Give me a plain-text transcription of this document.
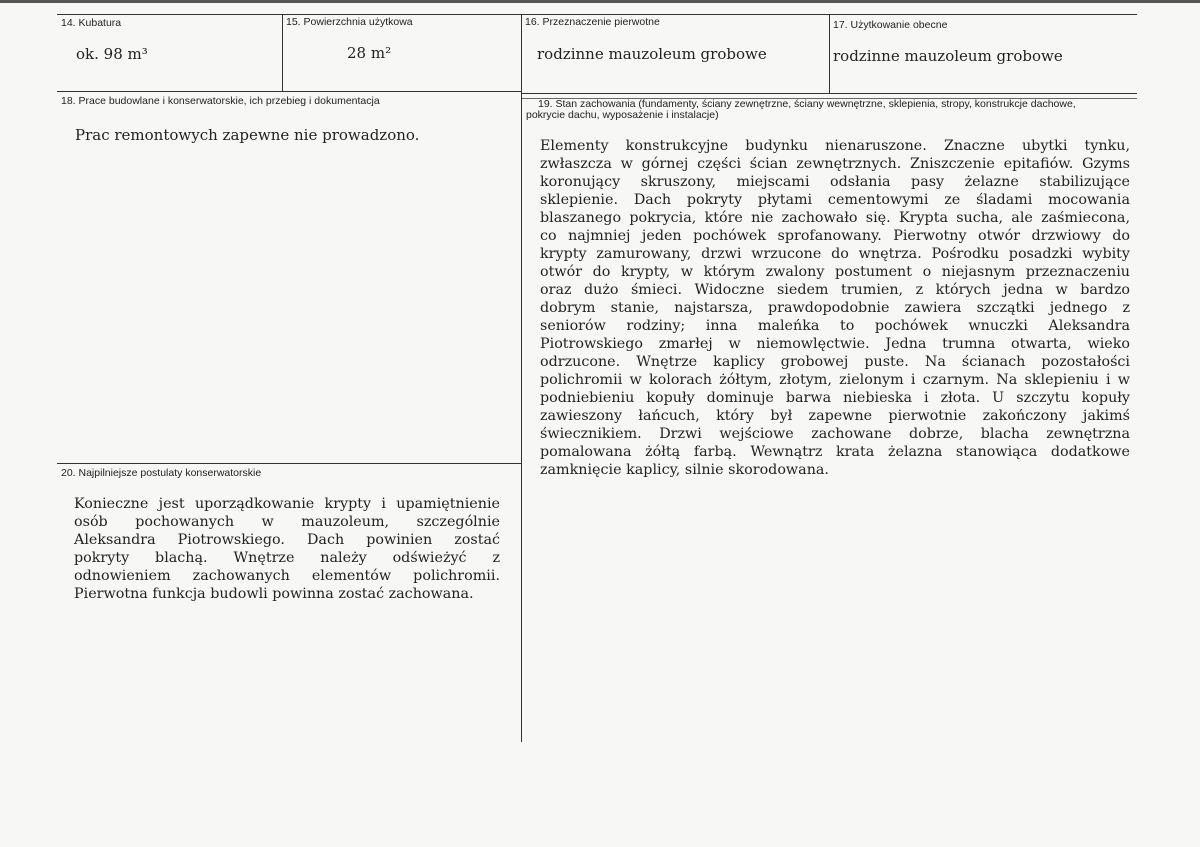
14. Kubatura
ok. 98 m³
15. Powierzchnia użytkowa
28 m²
16. Przeznaczenie pierwotne
rodzinne mauzoleum grobowe
17. Użytkowanie obecne
rodzinne mauzoleum grobowe
18. Prace budowlane i konserwatorskie, ich przebieg i dokumentacja
Prac remontowych zapewne nie prowadzono.
19. Stan zachowania (fundamenty, ściany zewnętrzne, ściany wewnętrzne, sklepienia, stropy, konstrukcje dachowe,
pokrycie dachu, wyposażenie i instalacje)
Elementy konstrukcyjne budynku nienaruszone. Znaczne ubytki tynku,
zwłaszcza w górnej części ścian zewnętrznych. Zniszczenie epitafiów. Gzyms
koronujący skruszony, miejscami odsłania pasy żelazne stabilizujące
sklepienie. Dach pokryty płytami cementowymi ze śladami mocowania
blaszanego pokrycia, które nie zachowało się. Krypta sucha, ale zaśmiecona,
co najmniej jeden pochówek sprofanowany. Pierwotny otwór drzwiowy do
krypty zamurowany, drzwi wrzucone do wnętrza. Pośrodku posadzki wybity
otwór do krypty, w którym zwalony postument o niejasnym przeznaczeniu
oraz dużo śmieci. Widoczne siedem trumien, z których jedna w bardzo
dobrym stanie, najstarsza, prawdopodobnie zawiera szczątki jednego z
seniorów rodziny; inna maleńka to pochówek wnuczki Aleksandra
Piotrowskiego zmarłej w niemowlęctwie. Jedna trumna otwarta, wieko
odrzucone. Wnętrze kaplicy grobowej puste. Na ścianach pozostałości
polichromii w kolorach żółtym, złotym, zielonym i czarnym. Na sklepieniu i w
podniebieniu kopuły dominuje barwa niebieska i złota. U szczytu kopuły
zawieszony łańcuch, który był zapewne pierwotnie zakończony jakimś
świecznikiem. Drzwi wejściowe zachowane dobrze, blacha zewnętrzna
pomalowana żółtą farbą. Wewnątrz krata żelazna stanowiąca dodatkowe
zamknięcie kaplicy, silnie skorodowana.
20. Najpilniejsze postulaty konserwatorskie
Konieczne jest uporządkowanie krypty i upamiętnienie
osób pochowanych w mauzoleum, szczególnie
Aleksandra Piotrowskiego. Dach powinien zostać
pokryty blachą. Wnętrze należy odświeżyć z
odnowieniem zachowanych elementów polichromii.
Pierwotna funkcja budowli powinna zostać zachowana.
